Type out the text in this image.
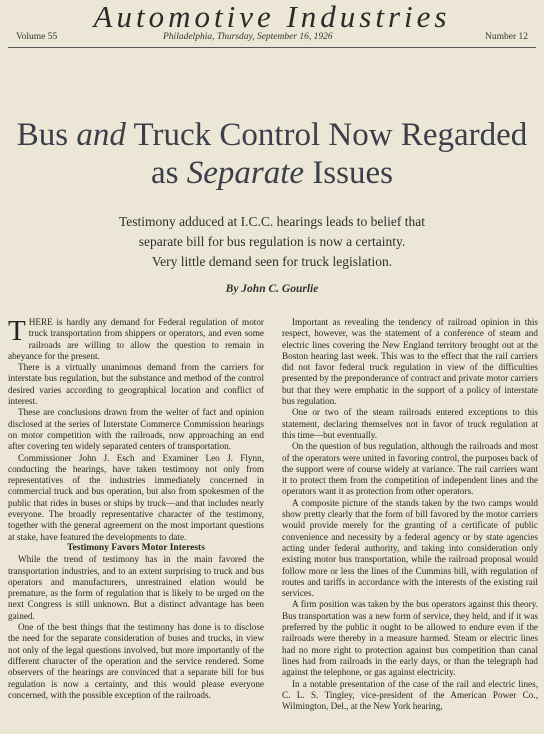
Automotive Industries
Volume 55	Philadelphia, Thursday, September 16, 1926	Number 12
Bus and Truck Control Now Regarded
as Separate Issues
Testimony adduced at I.C.C. hearings leads to belief that
separate bill for bus regulation is now a certainty.
Very little demand seen for truck legislation.
By John C. Gourlie

THERE is hardly any demand for Federal regulation of motor truck transportation from shippers or operators, and even some railroads are willing to allow the question to remain in abeyance for the present.

There is a virtually unanimous demand from the carriers for interstate bus regulation, but the substance and method of the control desired varies according to geographical location and conflict of interest.

These are conclusions drawn from the welter of fact and opinion disclosed at the series of Interstate Commerce Commission hearings on motor competition with the railroads, now approaching an end after covering ten widely separated centers of transportation.

Commissioner John J. Esch and Examiner Leo J. Flynn, conducting the hearings, have taken testimony not only from representatives of the industries immediately concerned in commercial truck and bus operation, but also from spokesmen of the public that rides in buses or ships by truck—and that includes nearly everyone. The broadly representative character of the testimony, together with the general agreement on the most important questions at stake, have featured the developments to date.

Testimony Favors Motor Interests

While the trend of testimony has in the main favored the transportation industries, and to an extent surprising to truck and bus operators and manufacturers, unrestrained elation would be premature, as the form of regulation that is likely to be urged on the next Congress is still unknown. But a distinct advantage has been gained.

One of the best things that the testimony has done is to disclose the need for the separate consideration of buses and trucks, in view not only of the legal questions involved, but more importantly of the different character of the operation and the service rendered. Some observers of the hearings are convinced that a separate bill for bus regulation is now a certainty, and this would please everyone concerned, with the possible exception of the railroads.

Important as revealing the tendency of railroad opinion in this respect, however, was the statement of a conference of steam and electric lines covering the New England territory brought out at the Boston hearing last week. This was to the effect that the rail carriers did not favor federal truck regulation in view of the difficulties presented by the preponderance of contract and private motor carriers but that they were emphatic in the support of a policy of interstate bus regulation.

One or two of the steam railroads entered exceptions to this statement, declaring themselves not in favor of truck regulation at this time—but eventually.

On the question of bus regulation, although the railroads and most of the operators were united in favoring control, the purposes back of the support were of course widely at variance. The rail carriers want it to protect them from the competition of independent lines and the operators want it as protection from other operators.

A composite picture of the stands taken by the two camps would show pretty clearly that the form of bill favored by the motor carriers would provide merely for the granting of a certificate of public convenience and necessity by a federal agency or by state agencies acting under federal authority, and taking into consideration only existing motor bus transportation, while the railroad proposal would follow more or less the lines of the Cummins bill, with regulation of routes and tariffs in accordance with the interests of the existing rail services.

A firm position was taken by the bus operators against this theory. Bus transportation was a new form of service, they held, and if it was preferred by the public it ought to be allowed to endure even if the railroads were thereby in a measure harmed. Steam or electric lines had no more right to protection against bus competition than canal lines had from railroads in the early days, or than the telegraph had against the telephone, or gas against electricity.

In a notable presentation of the case of the rail and electric lines, C. L. S. Tingley, vice-president of the American Power Co., Wilmington, Del., at the New York hearing,
